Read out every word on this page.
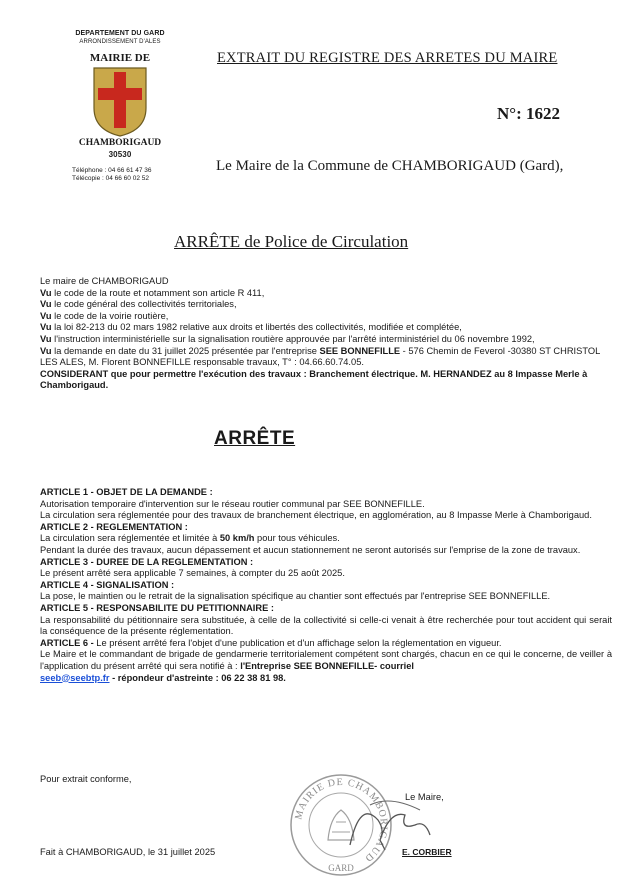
DEPARTEMENT DU GARD
ARRONDISSEMENT D'ALES
MAIRIE DE
CHAMBORIGAUD
30530
Téléphone : 04 66 61 47 36
Télécopie : 04 66 60 02 52
EXTRAIT DU REGISTRE DES ARRETES DU MAIRE
N°: 1622
Le Maire de la Commune de CHAMBORIGAUD (Gard),
ARRÊTE de Police de Circulation

Le maire de CHAMBORIGAUD

Vu le code de la route et notamment son article R 411,

Vu le code général des collectivités territoriales,

Vu le code de la voirie routière,

Vu la loi 82-213 du 02 mars 1982 relative aux droits et libertés des collectivités, modifiée et complétée,

Vu l'instruction interministérielle sur la signalisation routière approuvée par l'arrêté interministériel du 06 novembre 1992,

Vu la demande en date du 31 juillet 2025 présentée par l'entreprise SEE BONNEFILLE - 576 Chemin de Feverol -30380 ST CHRISTOL LES ALES, M. Florent BONNEFILLE responsable travaux, T° : 04.66.60.74.05.

CONSIDERANT que pour permettre l'exécution des travaux : Branchement électrique. M. HERNANDEZ au 8 Impasse Merle à Chamborigaud.

ARRÊTE

ARTICLE 1 - OBJET DE LA DEMANDE :

Autorisation temporaire d'intervention sur le réseau routier communal par SEE BONNEFILLE.

La circulation sera réglementée pour des travaux de branchement électrique, en agglomération, au 8 Impasse Merle à Chamborigaud.

ARTICLE 2 - REGLEMENTATION :

La circulation sera réglementée et limitée à 50 km/h pour tous véhicules.

Pendant la durée des travaux, aucun dépassement et aucun stationnement ne seront autorisés sur l'emprise de la zone de travaux.

ARTICLE 3 - DUREE DE LA REGLEMENTATION :

Le présent arrêté sera applicable 7 semaines, à compter du 25 août 2025.

ARTICLE 4 - SIGNALISATION :

La pose, le maintien ou le retrait de la signalisation spécifique au chantier sont effectués par l'entreprise SEE BONNEFILLE.

ARTICLE 5 - RESPONSABILITE DU PETITIONNAIRE :

La responsabilité du pétitionnaire sera substituée, à celle de la collectivité si celle-ci venait à être recherchée pour tout accident qui serait la conséquence de la présente réglementation.

ARTICLE 6 - Le présent arrêté fera l'objet d'une publication et d'un affichage selon la réglementation en vigueur.

Le Maire et le commandant de brigade de gendarmerie territorialement compétent sont chargés, chacun en ce qui le concerne, de veiller à l'application du présent arrêté qui sera notifié à : l'Entreprise SEE BONNEFILLE- courriel
seeb@seebtp.fr - répondeur d'astreinte : 06 22 38 81 98.

Pour extrait conforme,
Fait à CHAMBORIGAUD, le 31 juillet 2025
MAIRIE DE CHAMBORIGAUD
GARD
Le Maire,
E. CORBIER
